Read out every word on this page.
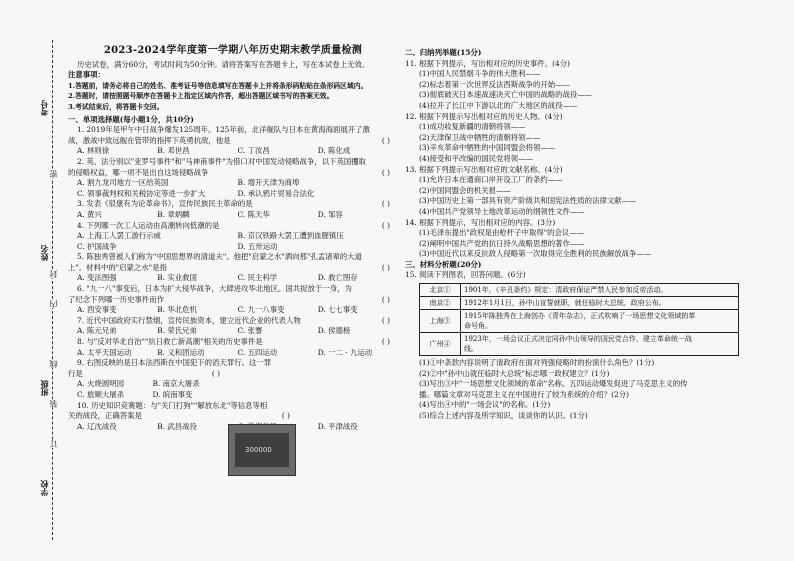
考号
姓名
班级
学校
密
封
线
内
装
订
2023-2024学年度第一学期八年历史期末教学质量检测

历史试卷，满分60分，考试时间为50分钟。请将答案写在答题卡上，写在本试卷上无效。

注意事项：

1.答题前，请务必将自己的姓名、准考证号等信息填写在答题卡上并将条形码粘贴在条形码区域内。

2.答题时，请按照题号顺序在答题卡上指定区域内作答，超出答题区域书写的答案无效。

3.考试结束后，将答题卡交回。

一、单项选择题(每小题1分，共10分)

1. 2019年是甲午中日战争爆发125周年。125年前，北洋舰队与日本在黄海海面展开了激

战，激战中致远舰在管带的指挥下英勇抗敌，他是	( )

A. 林则徐	B. 邓世昌	C. 丁汝昌	D. 陈化成

2. 英、法分别以"亚罗号事件"和"马神甫事件"为借口对中国发动侵略战争，以下英国攫取

的侵略权益，哪一项不是出自这场侵略战争	( )

A. 割九龙司地方一区给英国	B. 增开天津为商埠
C. 领事裁判权和关税协定等进一步扩大	D. 承认鸦片贸易合法化

3. 发表《驳康有为论革命书》，宣传民族民主革命的是	( )

A. 黄兴	B. 章炳麟	C. 陈天华	D. 邹容

4. 下列哪一次工人运动由高潮转向低潮的是	( )

A. 上海工人罢工游行示威	B. 京汉铁路大罢工遭到血腥镇压
C. 护国战争	D. 五卅运动

5. 陈独秀曾被人们称为"中国思想界的清道夫"。他把"启蒙之水"洒向那"孔孟诸辈的大道

上"。材料中的"启蒙之水"是指	( )

A. 变法图强	B. 实业救国	C. 民主科学	D. 救亡图存

6. "九一八"事变后，日本为扩大侵华战争，大肆进攻华北地区。国共捉放于一身，为

了纪念下列哪一历史事件而作	( )

A. 西安事变	B. 华北危机	C. 九一八事变	D. 七七事变

7. 近代中国政府实行禁烟，宣传民族资本，建立近代企业的代表人物	( )

A. 陈元兄弟	B. 荣氏兄弟	C. 张謇	D. 侯德榜

8. 与"反对华北自治""抗日救亡新高潮"相关的历史事件是	( )

A. 太平天国运动	B. 义和团运动	C. 五四运动	D. 一二 · 九运动

9. 右图反映的是日本法西斯在中国犯下的滔天罪行。这一罪

行是	( )

A. 火烧圆明园	B. 南京大屠杀
C. 旅顺大屠杀	D. 皖南事变

10. 历史知识竞赛题：与"关门打狗""解放东北"等信息等相

关的战役，正确答案是	( )

A. 辽沈战役	B. 武昌战役	D. 平津战役
300000

二、归纳列举题(15分)

11. 根据下列提示，写出相对应的历史事件。(4分)

(1)中国人民禁烟斗争的伟大胜利——

(2)标志着第一次世界反法西斯战争的开始——

(3)彻底破灭日本速战速决灭亡中国的战略的战役——

(4)拉开了长江中下游以北的广大地区的战役——

12. 根据下列提示写出相对应的历史人物。(4分)

(1)成功收复新疆的清朝将领——

(2)天津保卫战中牺牲的清朝将领——

(3)辛亥革命中牺牲的中国同盟会将领——

(4)接受和平改编的国民党将领——

13. 根据下列提示写出相对应的文献名称。(4分)

(1)允许日本在通商口岸开设工厂的条约——

(2)中国同盟会的机关报——

(3)中国历史上第一部具有资产阶级共和国宪法性质的法律文献——

(4)中国共产党领导土地改革运动的纲领性文件——

14. 根据下列提示，写出相对应的内容。(3分)

(1)毛泽东提出"政权是由枪杆子中取得"的会议——

(2)阐明中国共产党的抗日持久战略思想的著作——

(3)中国近代以来反抗敌人侵略第一次取得完全胜利的民族解放战争——

三、材料分析题(20分)

15. 阅读下列图表，回答问题。(6分)

北京①	1901年，《辛丑条约》规定：清政府保证严禁人民参加反帝活动。
南京②	1912年1月1日，孙中山宣誓就职，就任临时大总统，政府公布。
上海③	1915年陈独秀在上海创办《青年杂志》，正式吹响了一场思想文化领域的革
命号角。
广州④	1923年，一场会议正式决定同孙中山领导的国民党合作，建立革命统一战
线。

(1)①中条款内容说明了清政府在面对列强侵略时的扮演什么角色？(1分)

(2)②中"孙中山就任临时大总统"标志哪一政权建立？(1分)

(3)写出③中"一场思想文化领域的革命"名称。五四运动爆发促进了马克思主义的传

播。哪篇文章对马克思主义在中国进行了较为系统的介绍？(2分)

(4)写出④中的"一场会议"的名称。(1分)

(5)综合上述内容及所学知识，谈谈你的认识。(1分)
